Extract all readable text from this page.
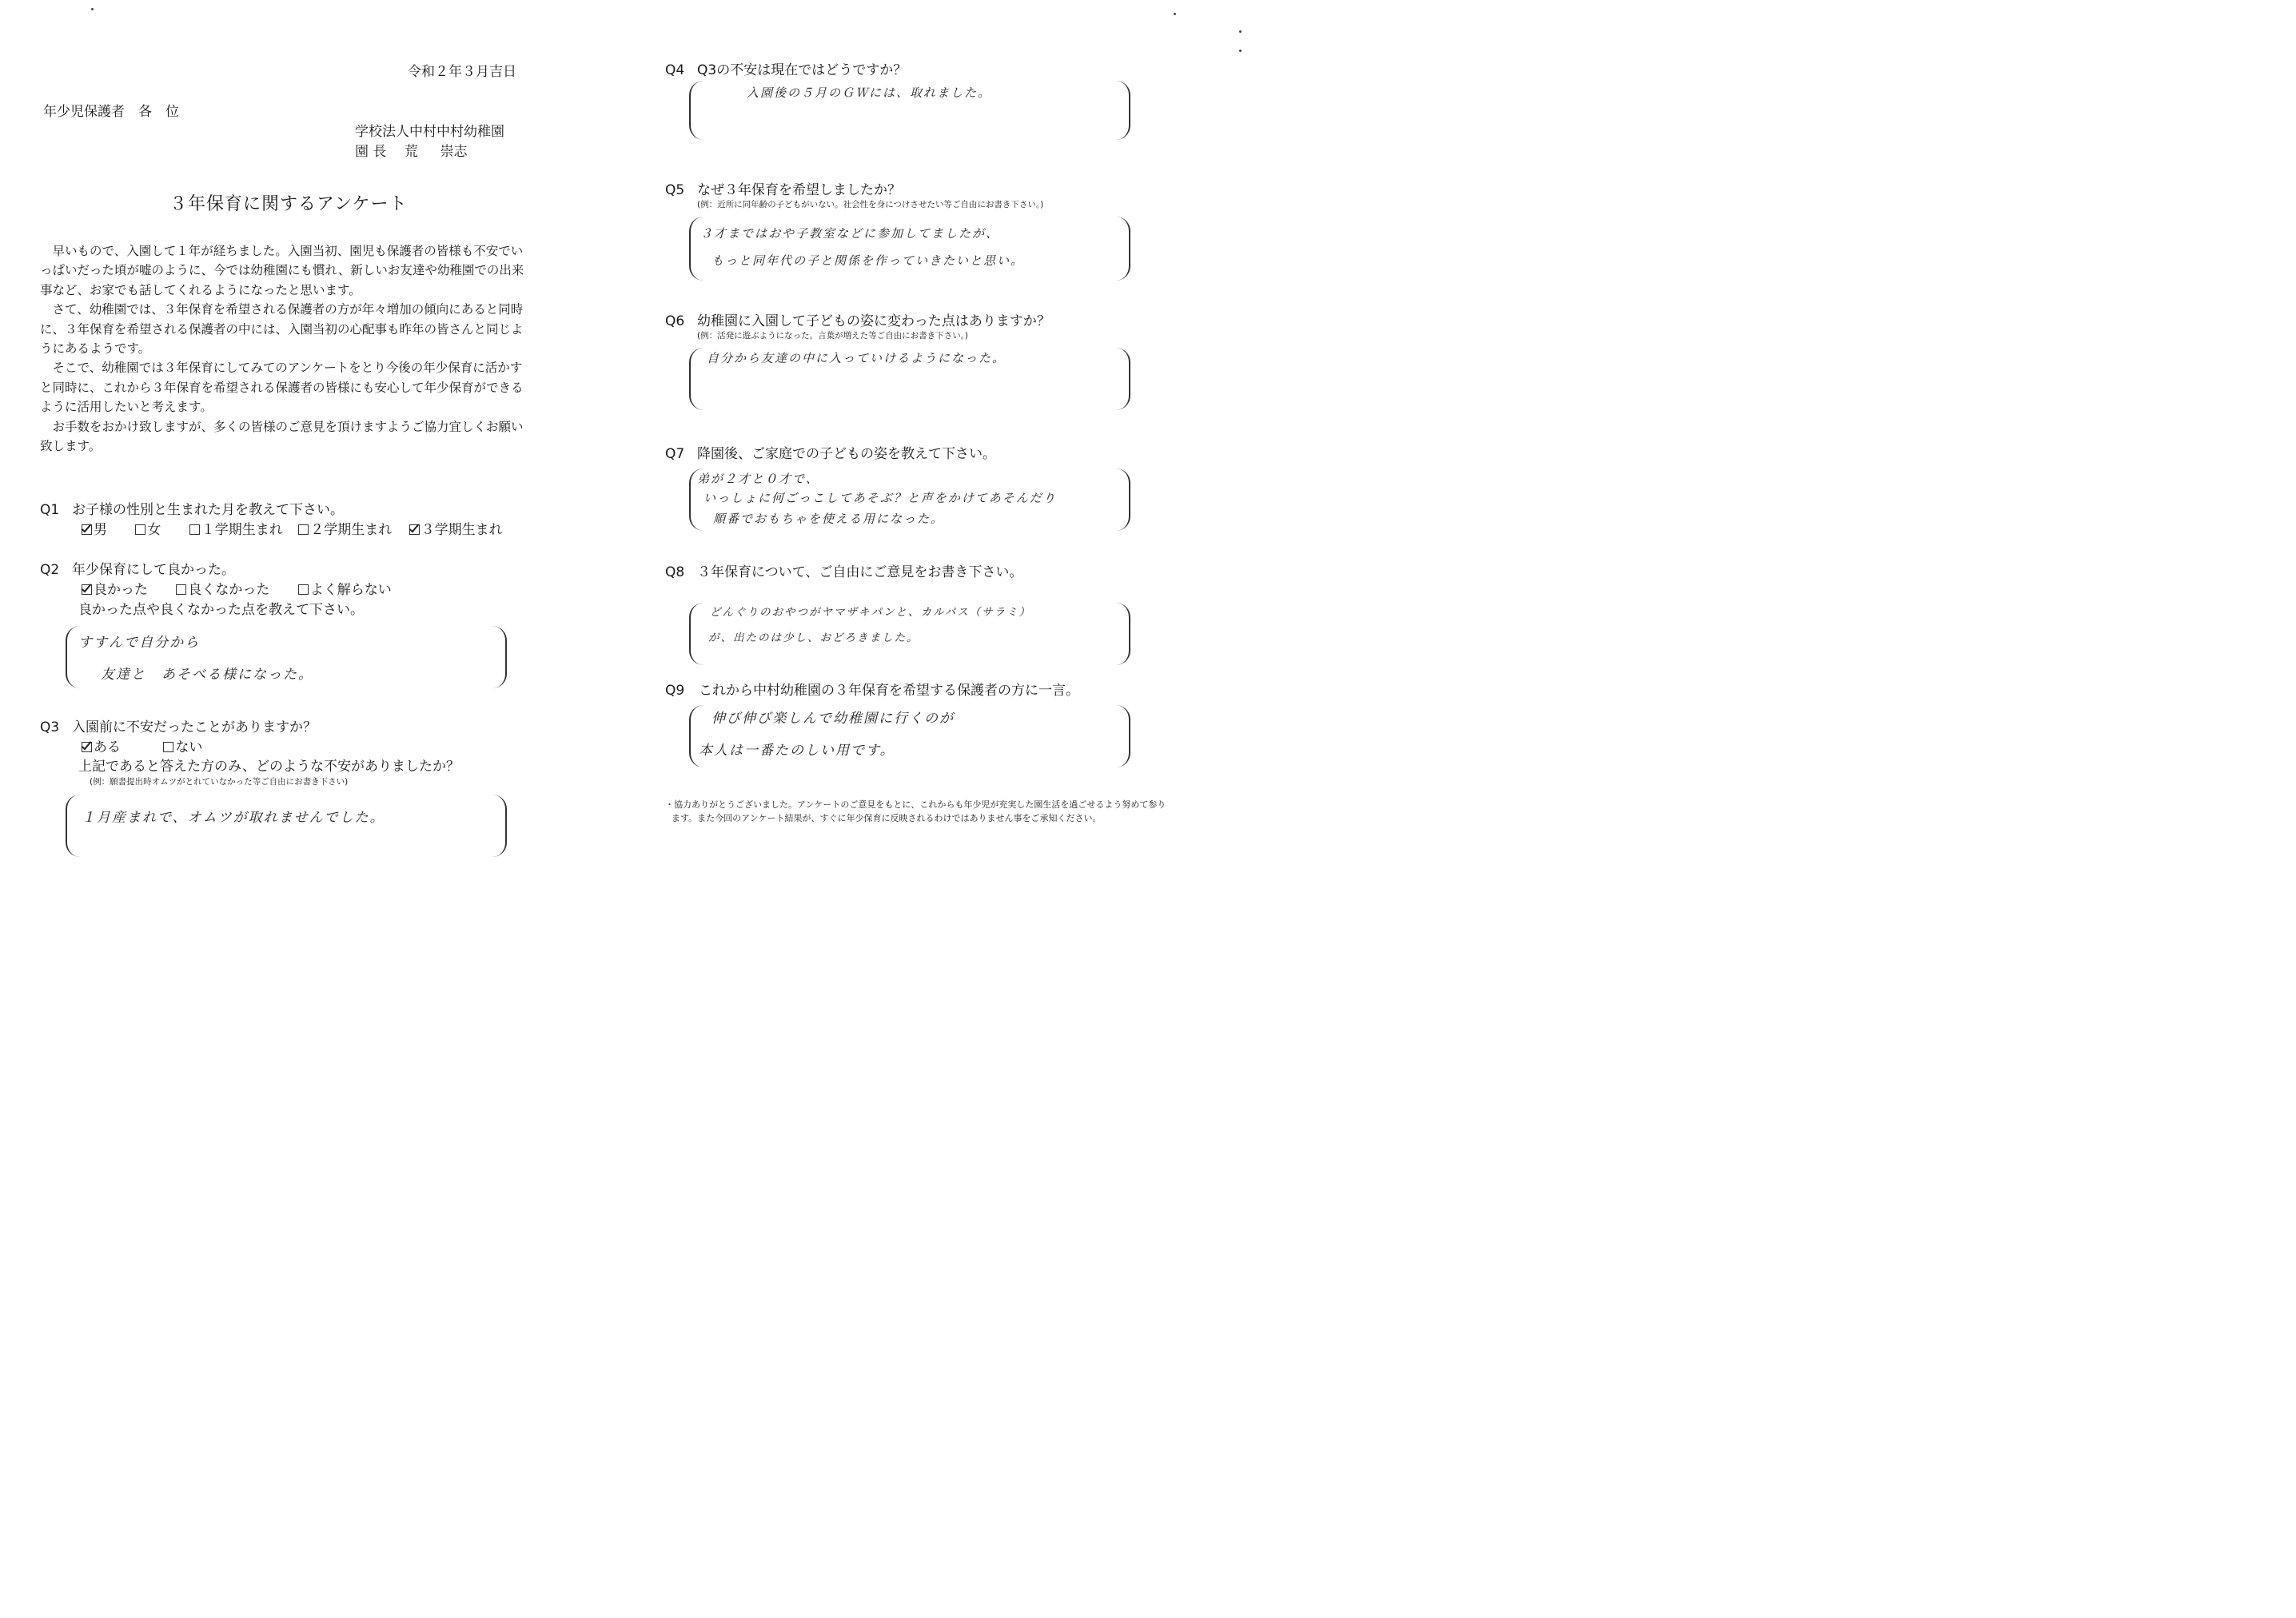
令和２年３月吉日
年少児保護者　各　位
学校法人中村中村幼稚園
園 長　 荒 　 崇志
３年保育に関するアンケート

早いもので、入園して１年が経ちました。入園当初、園児も保護者の皆様も不安でいっぱいだった頃が嘘のように、今では幼稚園にも慣れ、新しいお友達や幼稚園での出来事など、お家でも話してくれるようになったと思います。

さて、幼稚園では、３年保育を希望される保護者の方が年々増加の傾向にあると同時に、３年保育を希望される保護者の中には、入園当初の心配事も昨年の皆さんと同じようにあるようです。

そこで、幼稚園では３年保育にしてみてのアンケートをとり今後の年少保育に活かすと同時に、これから３年保育を希望される保護者の皆様にも安心して年少保育ができるように活用したいと考えます。

お手数をおかけ致しますが、多くの皆様のご意見を頂けますようご協力宜しくお願い致します。

Q1 お子様の性別と生まれた月を教えて下さい。
男	女	１学期生まれ ２学期生まれ ３学期生まれ
Q2 年少保育にして良かった。
良かった	良くなかった	よく解らない
良かった点や良くなかった点を教えて下さい。
すすんで自分から
友達と　あそべる様になった。
Q3 入園前に不安だったことがありますか？
ある	ない
上記であると答えた方のみ、どのような不安がありましたか？
(例：願書提出時オムツがとれていなかった等ご自由にお書き下さい)
１月産まれで、オムツが取れませんでした。
Q4 Q3の不安は現在ではどうですか？
入園後の５月のＧＷには、取れました。
Q5 なぜ３年保育を希望しましたか？
(例：近所に同年齢の子どもがいない。社会性を身につけさせたい等ご自由にお書き下さい。)
３才まではおや子教室などに参加してましたが、
もっと同年代の子と関係を作っていきたいと思い。
Q6 幼稚園に入園して子どもの姿に変わった点はありますか？
(例：活発に遊ぶようになった。言葉が増えた等ご自由にお書き下さい。)
自分から友達の中に入っていけるようになった。
Q7 降園後、ご家庭での子どもの姿を教えて下さい。
弟が２才と０才で、
いっしょに何ごっこしてあそぶ？と声をかけてあそんだり
順番でおもちゃを使える用になった。
Q8 ３年保育について、ご自由にご意見をお書き下さい。
どんぐりのおやつがヤマザキパンと、カルパス（サラミ）
が、出たのは少し、おどろきました。
Q9 これから中村幼稚園の３年保育を希望する保護者の方に一言。
伸び伸び楽しんで幼稚園に行くのが
本人は一番たのしい用です。
・協力ありがとうございました。アンケートのご意見をもとに、これからも年少児が充実した園生活を過ごせるよう努めて参り
ます。また今回のアンケート結果が、すぐに年少保育に反映されるわけではありません事をご承知ください。
